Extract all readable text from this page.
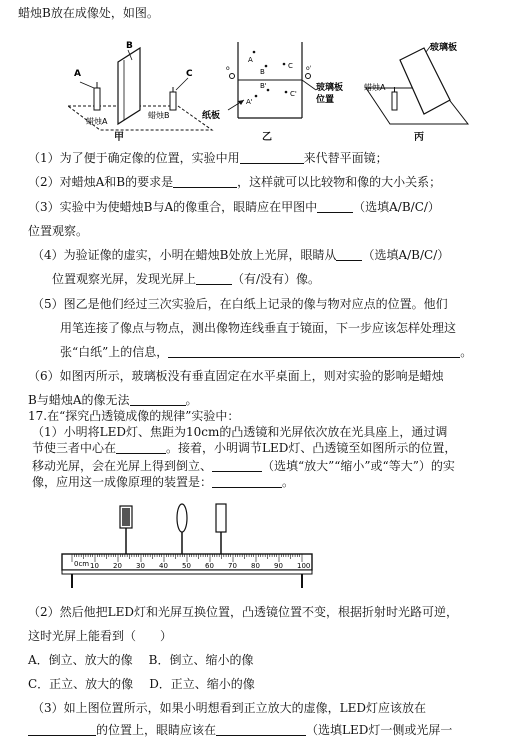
蜡烛B放在成像处，如图。
A
B
C
蜡烛A
蜡烛B
甲
A
B
C
A'
B'
C'
o	o'
玻璃板
位置
纸板
乙
玻璃板
蜡烛A
丙
（1）为了便于确定像的位置，实验中用	来代替平面镜；
（2）对蜡烛A和B的要求是	，这样就可以比较物和像的大小关系；
（3）实验中为使蜡烛B与A的像重合，眼睛应在甲图中	（选填A/B/C/）
位置观察。
（4）为验证像的虚实，小明在蜡烛B处放上光屏，眼睛从 （选填A/B/C/）
位置观察光屏，发现光屏上	（有/没有）像。
（5）图乙是他们经过三次实验后，在白纸上记录的像与物对应点的位置。他们
用笔连接了像点与物点，测出像物连线垂直于镜面，下一步应该怎样处理这
张“白纸”上的信息，	。
（6）如图丙所示，玻璃板没有垂直固定在水平桌面上，则对实验的影响是蜡烛
B与蜡烛A的像无法	。
17.在“探究凸透镜成像的规律”实验中：
（1）小明将LED灯、焦距为10cm的凸透镜和光屏依次放在光具座上，通过调
节使三者中心在	。接着，小明调节LED灯、凸透镜至如图所示的位置，
移动光屏，会在光屏上得到倒立、	（选填“放大”“缩小”或“等大”）的实
像，应用这一成像原理的装置是：	。
0cm 10 20 30 40 50 60 70 80 90 100
（2）然后他把LED灯和光屏互换位置，凸透镜位置不变，根据折射时光路可逆，
这时光屏上能看到（　　）
A．倒立、放大的像 B．倒立、缩小的像
C．正立、放大的像 D．正立、缩小的像
（3）如上图位置所示，如果小明想看到正立放大的虚像，LED灯应该放在
的位置上，眼睛应该在	（选填LED灯一侧或光屏一
